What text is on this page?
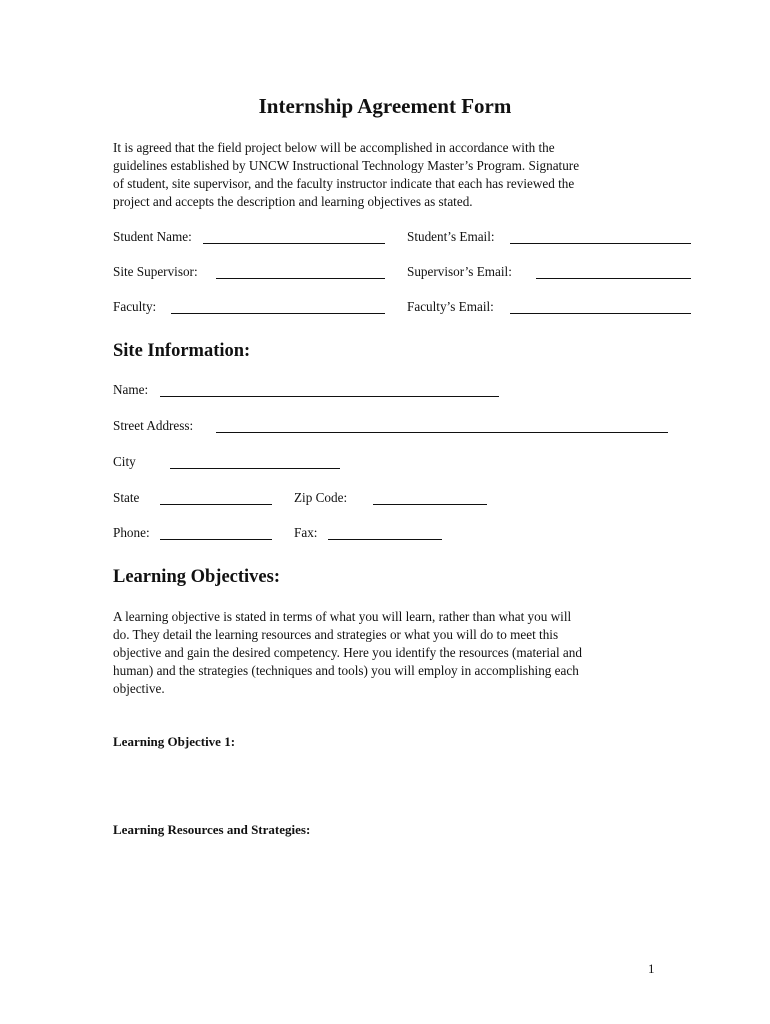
Internship Agreement Form
It is agreed that the field project below will be accomplished in accordance with the
guidelines established by UNCW Instructional Technology Master’s Program. Signature
of student, site supervisor, and the faculty instructor indicate that each has reviewed the
project and accepts the description and learning objectives as stated.
Student Name:	Student’s Email:
Site Supervisor:	Supervisor’s Email:
Faculty:	Faculty’s Email:
Site Information:
Name:
Street Address:
City
State	Zip Code:
Phone:	Fax:
Learning Objectives:
A learning objective is stated in terms of what you will learn, rather than what you will
do. They detail the learning resources and strategies or what you will do to meet this
objective and gain the desired competency. Here you identify the resources (material and
human) and the strategies (techniques and tools) you will employ in accomplishing each
objective.
Learning Objective 1:
Learning Resources and Strategies:
1
